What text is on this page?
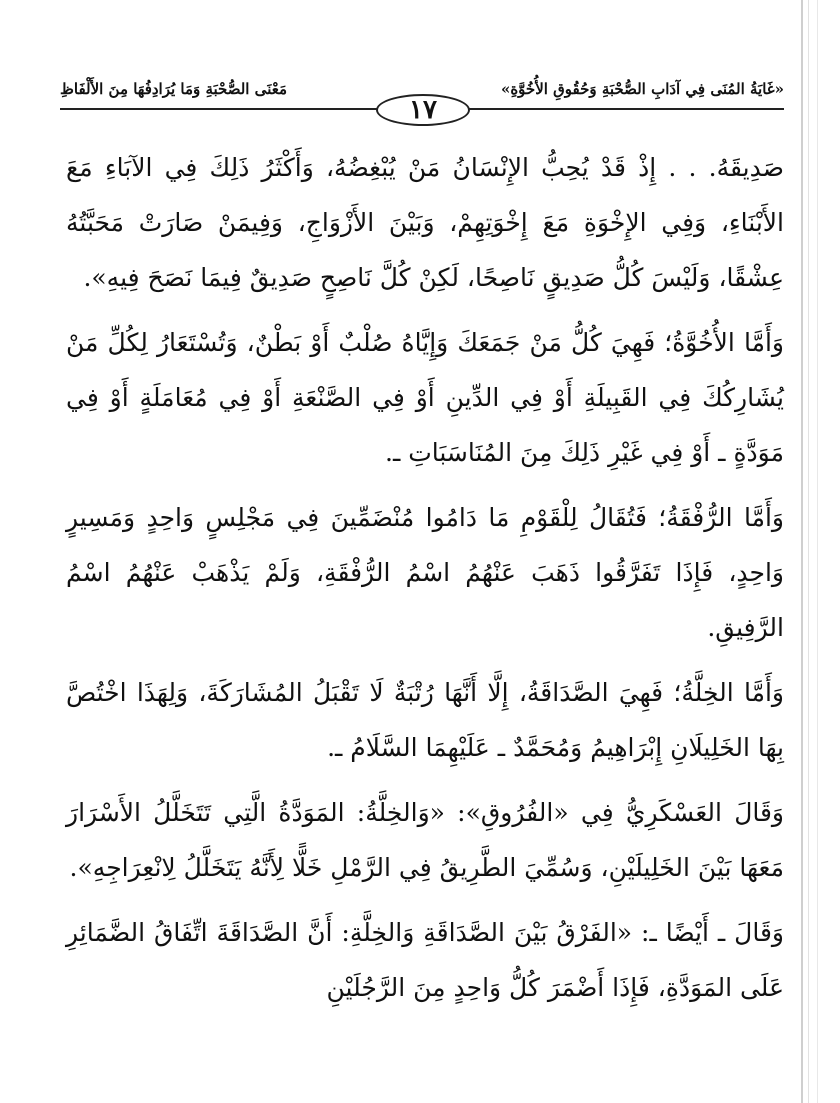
«غَايَةُ المُنَى فِي آدَابِ الصُّحْبَةِ وَحُقُوقِ الأُخُوَّةِ»
مَعْنَى الصُّحْبَةِ وَمَا يُرَادِفُهَا مِنَ الأَلْفَاظِ
١٧

صَدِيقَهُ. . . إِذْ قَدْ يُحِبُّ الإِنْسَانُ مَنْ يُبْغِضُهُ، وَأَكْثَرُ ذَلِكَ فِي الآبَاءِ مَعَ الأَبْنَاءِ، وَفِي الإِخْوَةِ مَعَ إِخْوَتِهِمْ، وَبَيْنَ الأَزْوَاجِ، وَفِيمَنْ صَارَتْ مَحَبَّتُهُ عِشْقًا، وَلَيْسَ كُلُّ صَدِيقٍ نَاصِحًا، لَكِنْ كُلَّ نَاصِحٍ صَدِيقٌ فِيمَا نَصَحَ فِيهِ».

وَأَمَّا الأُخُوَّةُ؛ فَهِيَ كُلُّ مَنْ جَمَعَكَ وَإِيَّاهُ صُلْبٌ أَوْ بَطْنٌ، وَتُسْتَعَارُ لِكُلِّ مَنْ يُشَارِكُكَ فِي القَبِيلَةِ أَوْ فِي الدِّينِ أَوْ فِي الصَّنْعَةِ أَوْ فِي مُعَامَلَةٍ أَوْ فِي مَوَدَّةٍ ـ أَوْ فِي غَيْرِ ذَلِكَ مِنَ المُنَاسَبَاتِ ـ.

وَأَمَّا الرُّفْقَةُ؛ فَتُقَالُ لِلْقَوْمِ مَا دَامُوا مُنْضَمِّينَ فِي مَجْلِسٍ وَاحِدٍ وَمَسِيرٍ وَاحِدٍ، فَإِذَا تَفَرَّقُوا ذَهَبَ عَنْهُمُ اسْمُ الرُّفْقَةِ، وَلَمْ يَذْهَبْ عَنْهُمُ اسْمُ الرَّفِيقِ.

وَأَمَّا الخِلَّةُ؛ فَهِيَ الصَّدَاقَةُ، إِلَّا أَنَّهَا رُتْبَةٌ لَا تَقْبَلُ المُشَارَكَةَ، وَلِهَذَا اخْتُصَّ بِهَا الخَلِيلَانِ إِبْرَاهِيمُ وَمُحَمَّدٌ ـ عَلَيْهِمَا السَّلَامُ ـ.

وَقَالَ العَسْكَرِيُّ فِي «الفُرُوقِ»: «وَالخِلَّةُ: المَوَدَّةُ الَّتِي تَتَخَلَّلُ الأَسْرَارَ مَعَهَا بَيْنَ الخَلِيلَيْنِ، وَسُمِّيَ الطَّرِيقُ فِي الرَّمْلِ خَلًّا لِأَنَّهُ يَتَخَلَّلُ لِانْعِرَاجِهِ».

وَقَالَ ـ أَيْضًا ـ: «الفَرْقُ بَيْنَ الصَّدَاقَةِ وَالخِلَّةِ: أَنَّ الصَّدَاقَةَ اتِّفَاقُ الضَّمَائِرِ عَلَى المَوَدَّةِ، فَإِذَا أَضْمَرَ كُلُّ وَاحِدٍ مِنَ الرَّجُلَيْنِ
